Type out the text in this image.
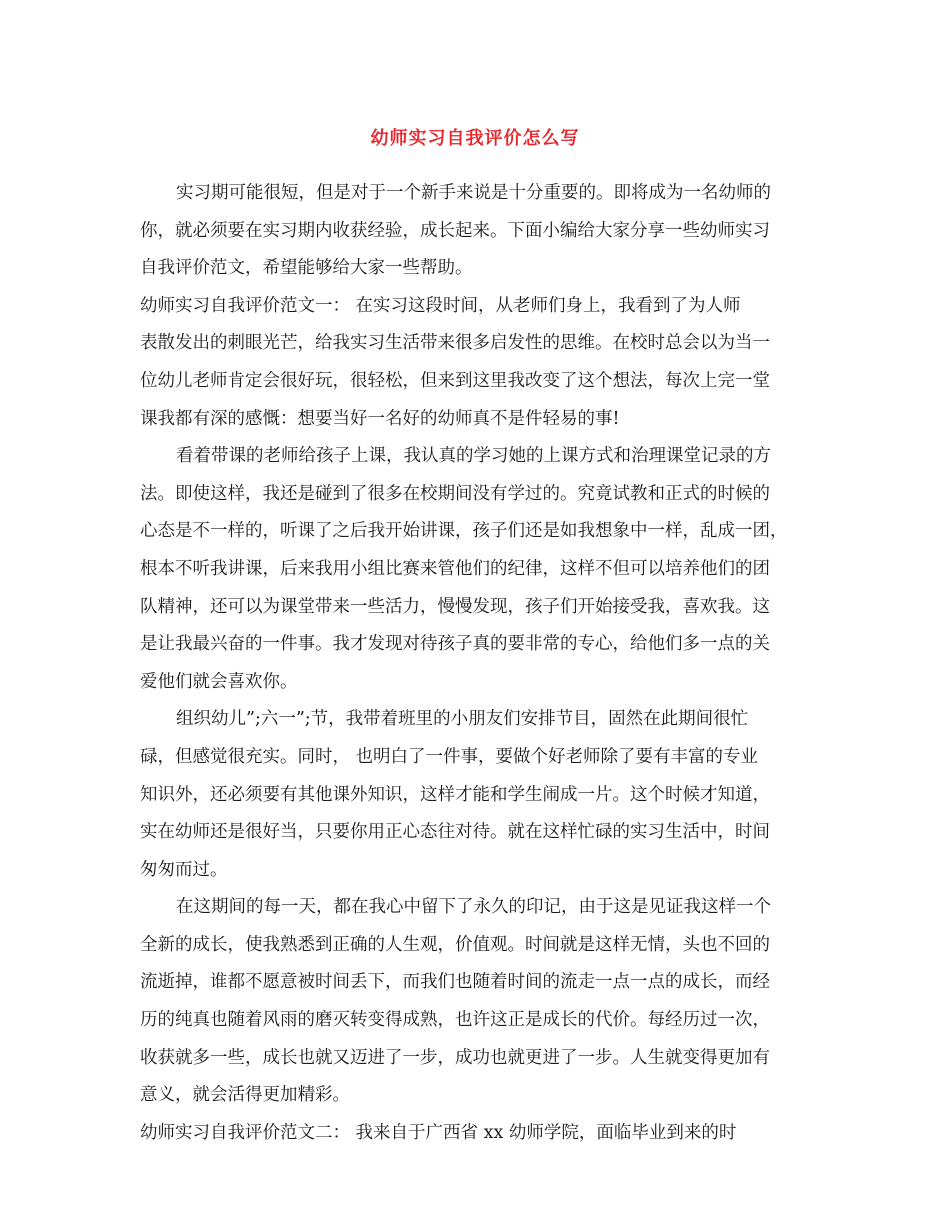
幼师实习自我评价怎么写
实习期可能很短，但是对于一个新手来说是十分重要的。即将成为一名幼师的
你，就必须要在实习期内收获经验，成长起来。下面小编给大家分享一些幼师实习
自我评价范文，希望能够给大家一些帮助。
幼师实习自我评价范文一： 在实习这段时间，从老师们身上，我看到了为人师
表散发出的刺眼光芒，给我实习生活带来很多启发性的思维。在校时总会以为当一
位幼儿老师肯定会很好玩，很轻松，但来到这里我改变了这个想法，每次上完一堂
课我都有深的感慨：想要当好一名好的幼师真不是件轻易的事!
看着带课的老师给孩子上课，我认真的学习她的上课方式和治理课堂记录的方
法。即使这样，我还是碰到了很多在校期间没有学过的。究竟试教和正式的时候的
心态是不一样的，听课了之后我开始讲课，孩子们还是如我想象中一样，乱成一团，
根本不听我讲课，后来我用小组比赛来管他们的纪律，这样不但可以培养他们的团
队精神，还可以为课堂带来一些活力，慢慢发现，孩子们开始接受我，喜欢我。这
是让我最兴奋的一件事。我才发现对待孩子真的要非常的专心，给他们多一点的关
爱他们就会喜欢你。
组织幼儿”;六一”;节，我带着班里的小朋友们安排节目，固然在此期间很忙
碌，但感觉很充实。同时， 也明白了一件事，要做个好老师除了要有丰富的专业
知识外，还必须要有其他课外知识，这样才能和学生闹成一片。这个时候才知道，
实在幼师还是很好当，只要你用正心态往对待。就在这样忙碌的实习生活中，时间
匆匆而过。
在这期间的每一天，都在我心中留下了永久的印记，由于这是见证我这样一个
全新的成长，使我熟悉到正确的人生观，价值观。时间就是这样无情，头也不回的
流逝掉，谁都不愿意被时间丢下，而我们也随着时间的流走一点一点的成长，而经
历的纯真也随着风雨的磨灭转变得成熟，也许这正是成长的代价。每经历过一次，
收获就多一些，成长也就又迈进了一步，成功也就更进了一步。人生就变得更加有
意义，就会活得更加精彩。
幼师实习自我评价范文二： 我来自于广西省 xx 幼师学院，面临毕业到来的时
